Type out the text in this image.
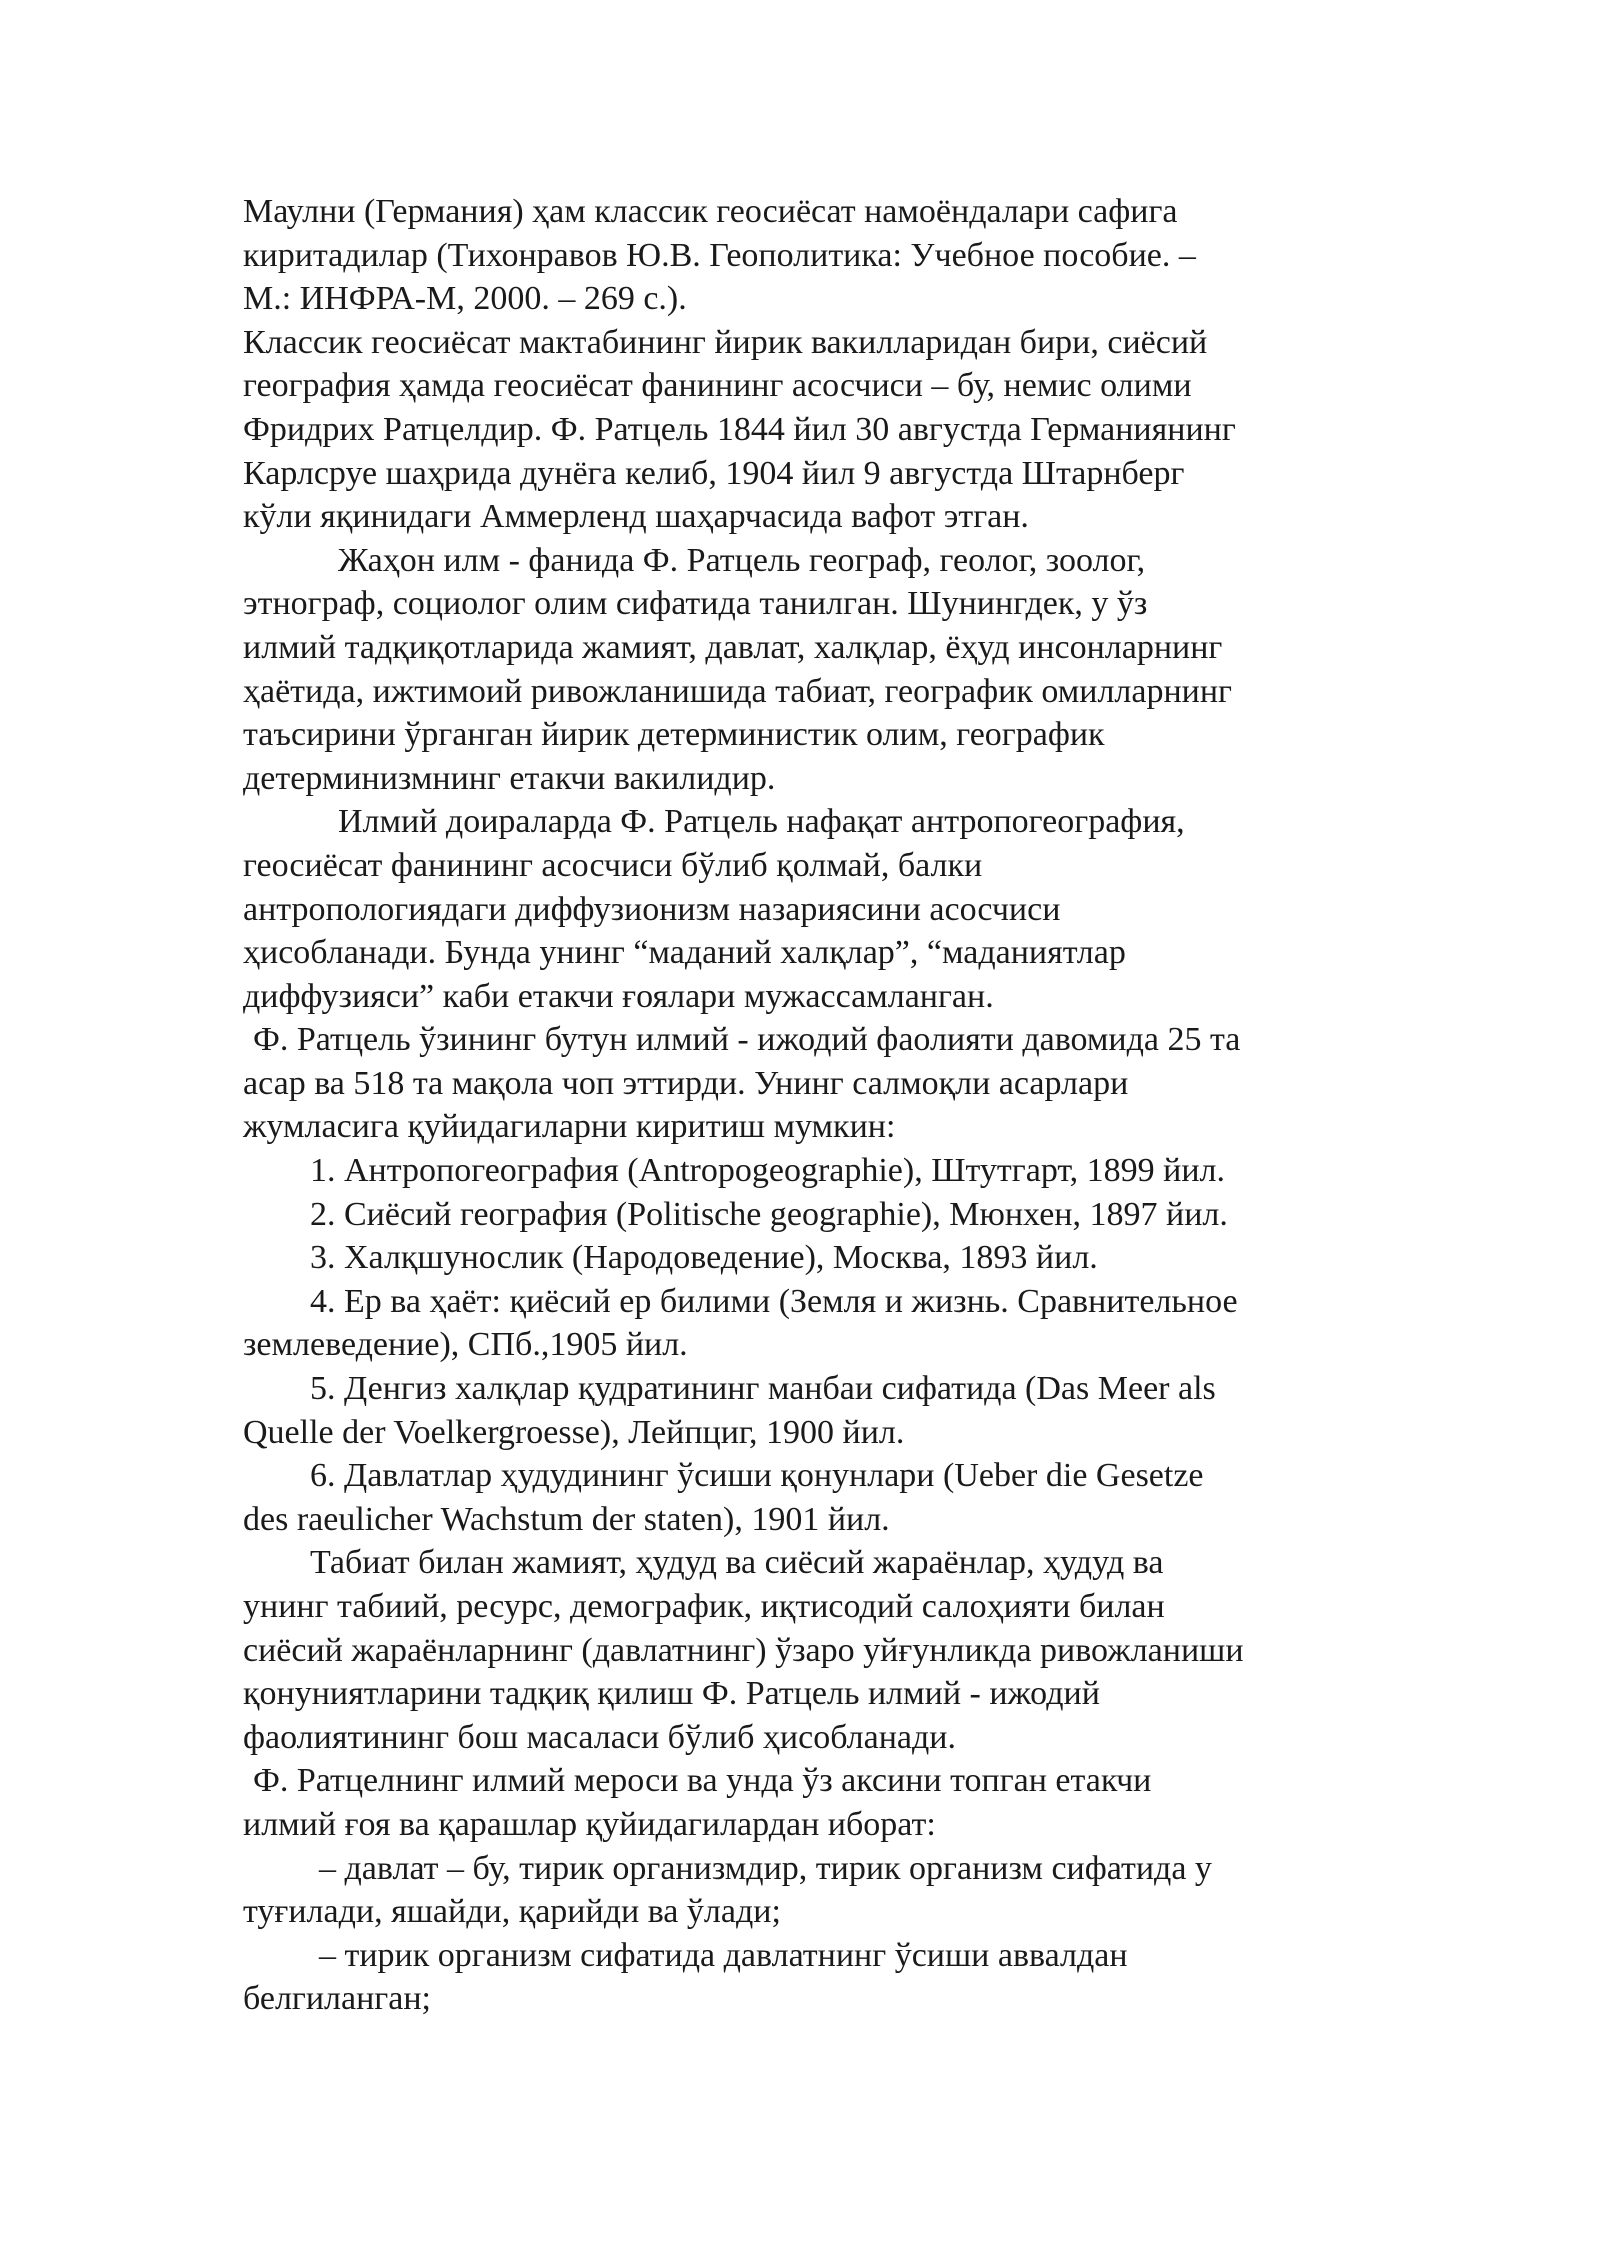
Маулни (Германия) ҳам классик геосиёсат намоёндалари сафига
киритадилар (Тихонравов Ю.В. Геополитика: Учебное пособие. –
М.: ИНФРА-М, 2000. – 269 с.).
Классик геосиёсат мактабининг йирик вакилларидан бири, сиёсий
география ҳамда геосиёсат фанининг асосчиси – бу, немис олими
Фридрих Ратцелдир. Ф. Ратцель 1844 йил 30 августда Германиянинг
Карлсруе шаҳрида дунёга келиб, 1904 йил 9 августда Штарнберг
кўли яқинидаги Аммерленд шаҳарчасида вафот этган.
Жаҳон илм - фанида Ф. Ратцель географ, геолог, зоолог,
этнограф, социолог олим сифатида танилган. Шунингдек, у ўз
илмий тадқиқотларида жамият, давлат, халқлар, ёҳуд инсонларнинг
ҳаётида, ижтимоий ривожланишида табиат, географик омилларнинг
таъсирини ўрганган йирик детерминистик олим, географик
детерминизмнинг етакчи вакилидир.
Илмий доираларда Ф. Ратцель нафақат антропогеография,
геосиёсат фанининг асосчиси бўлиб қолмай, балки
антропологиядаги диффузионизм назариясини асосчиси
ҳисобланади. Бунда унинг “маданий халқлар”, “маданиятлар
диффузияси” каби етакчи ғоялари мужассамланган.
Ф. Ратцель ўзининг бутун илмий - ижодий фаолияти давомида 25 та
асар ва 518 та мақола чоп эттирди. Унинг салмоқли асарлари
жумласига қуйидагиларни киритиш мумкин:
1. Антропогеография (Antropogeographie), Штутгарт, 1899 йил.
2. Сиёсий география (Politische geographie), Мюнхен, 1897 йил.
3. Халқшунослик (Народоведение), Москва, 1893 йил.
4. Ер ва ҳаёт: қиёсий ер билими (Земля и жизнь. Сравнительное
землеведение), СПб.,1905 йил.
5. Денгиз халқлар қудратининг манбаи сифатида (Das Meer als
Quelle der Voelkergroesse), Лейпциг, 1900 йил.
6. Давлатлар ҳудудининг ўсиши қонунлари (Ueber die Gesetze
des raeulicher Wachstum der staten), 1901 йил.
Табиат билан жамият, ҳудуд ва сиёсий жараёнлар, ҳудуд ва
унинг табиий, ресурс, демографик, иқтисодий салоҳияти билан
сиёсий жараёнларнинг (давлатнинг) ўзаро уйғунликда ривожланиши
қонуниятларини тадқиқ қилиш Ф. Ратцель илмий - ижодий
фаолиятининг бош масаласи бўлиб ҳисобланади.
Ф. Ратцелнинг илмий мероси ва унда ўз аксини топган етакчи
илмий ғоя ва қарашлар қуйидагилардан иборат:
– давлат – бу, тирик организмдир, тирик организм сифатида у
туғилади, яшайди, қарийди ва ўлади;
– тирик организм сифатида давлатнинг ўсиши аввалдан
белгиланган;
